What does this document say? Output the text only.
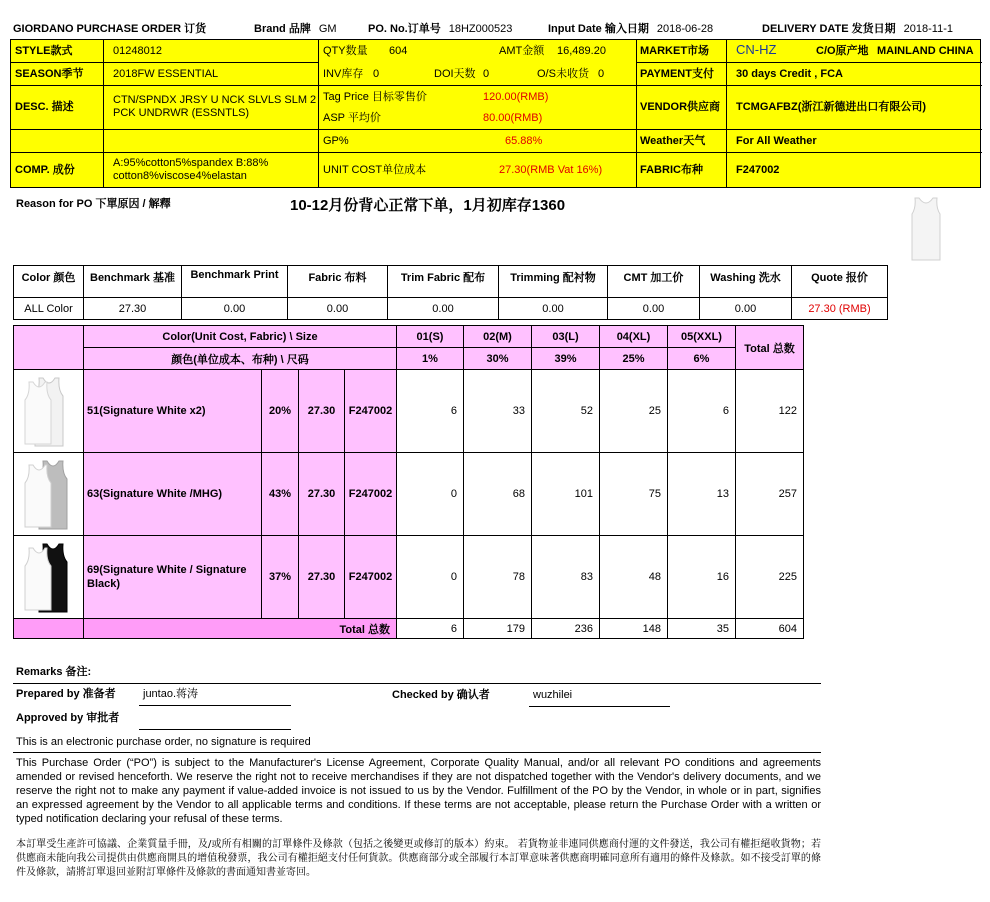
GIORDANO PURCHASE ORDER 订货	Brand 品牌 GM	PO. No.订单号 18HZ000523	Input Date 输入日期 2018-06-28	DELIVERY DATE 发货日期 2018-11-1
STYLE款式	01248012
SEASON季节	2018FW ESSENTIAL
DESC. 描述
CTN/SPNDX JRSY U NCK SLVLS SLM 2 PCK UNDRWR (ESSNTLS)
COMP. 成份
A:95%cotton5%spandex B:88% cotton8%viscose4%elastan
QTY数量 604	AMT金额 16,489.20
INV库存 0	DOI天数 0	O/S未收货 0
Tag Price 目标零售价	120.00(RMB)
ASP 平均价	80.00(RMB)
GP%	65.88%
UNIT COST单位成本	27.30(RMB Vat 16%)
MARKET市场 CN-HZ	C/O原产地 MAINLAND CHINA
PAYMENT支付 30 days Credit , FCA
VENDOR供应商 TCMGAFBZ(浙江新德进出口有限公司)
Weather天气	For All Weather
FABRIC布种	F247002
Reason for PO 下單原因 / 解釋	10-12月份背心正常下单，1月初库存1360
Color 颜色	Benchmark 基准	Benchmark Print	Fabric 布料	Trim Fabric 配布	Trimming 配衬物	CMT 加工价	Washing 洗水	Quote 报价
ALL Color	27.30	0.00	0.00	0.00	0.00	0.00	0.00	27.30 (RMB)
	Color(Unit Cost, Fabric) \ Size				01(S)	02(M)	03(L)	04(XL)	05(XXL)	Total 总数
	颜色(单位成本、布种) \ 尺码				1%	30%	39%	25%	6%	

	51(Signature White x2)	20%	27.30	F247002	6	33	52	25	6	122

	63(Signature White /MHG)	43%	27.30	F247002	0	68	101	75	13	257

	69(Signature White / Signature Black)	37%	27.30	F247002	0	78	83	48	16	225
	Total 总数				6	179	236	148	35	604
Remarks 备注:
Prepared by 准备者 juntao.蒋涛	Checked by 确认者	wuzhilei
Approved by 审批者
This is an electronic purchase order, no signature is required
This Purchase Order (“PO”) is subject to the Manufacturer's License Agreement, Corporate Quality Manual, and/or all relevant PO conditions and agreements amended or revised henceforth. We reserve the right not to receive merchandises if they are not dispatched together with the Vendor's delivery documents, and we reserve the right not to make any payment if value-added invoice is not issued to us by the Vendor. Fulfillment of the PO by the Vendor, in whole or in part, signifies an expressed agreement by the Vendor to all applicable terms and conditions. If these terms are not acceptable, please return the Purchase Order with a written or typed notification declaring your refusal of these terms.
本訂單受生產許可協議、企業質量手冊，及/或所有相關的訂單條件及條款（包括之後變更或修訂的版本）約束。 若貨物並非連同供應商付運的文件發送，我公司有權拒絕收貨物；若供應商未能向我公司提供由供應商開具的增值稅發票，我公司有權拒絕支付任何貨款。供應商部分或全部履行本訂單意味著供應商明確同意所有適用的條件及條款。如不接受訂單的條件及條款，請將訂單退回並附訂單條件及條款的書面通知書並寄回。
